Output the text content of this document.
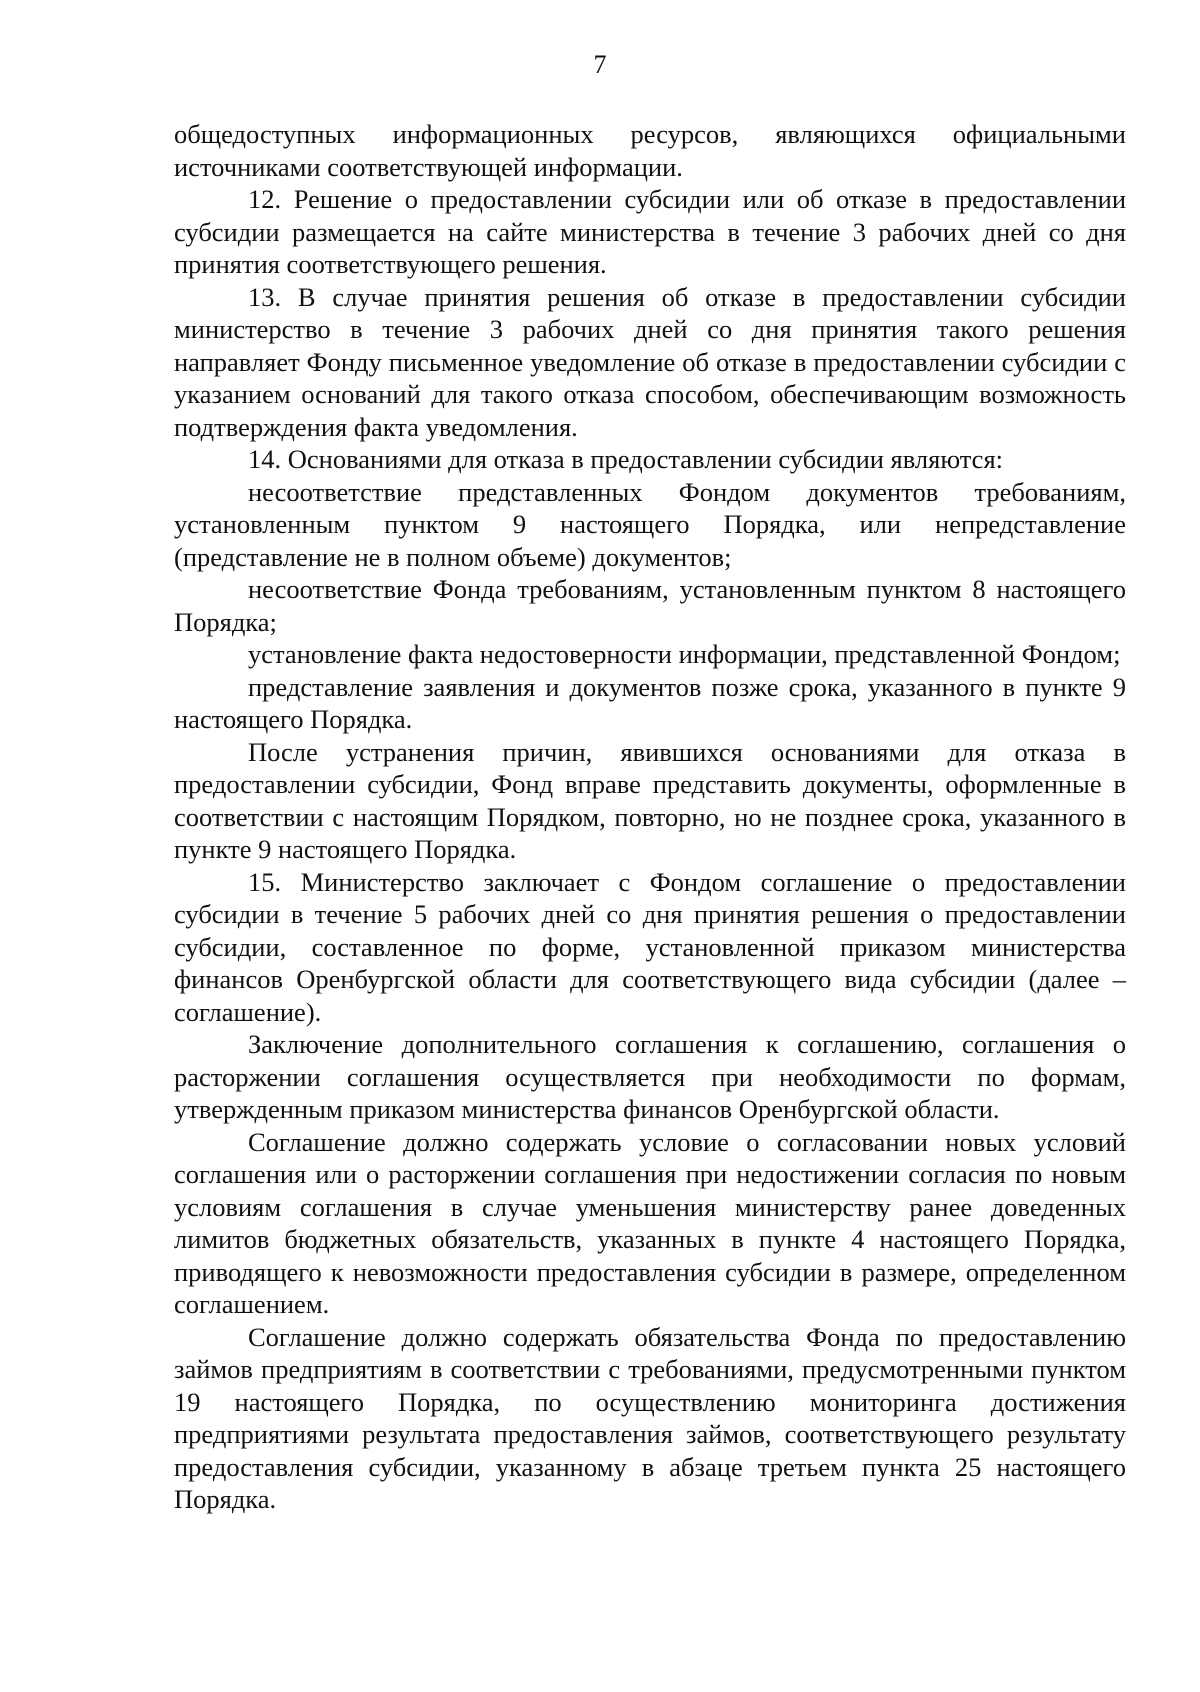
7

общедоступных информационных ресурсов, являющихся официальными источниками соответствующей информации.

12. Решение о предоставлении субсидии или об отказе в предоставлении субсидии размещается на сайте министерства в течение 3 рабочих дней со дня принятия соответствующего решения.

13. В случае принятия решения об отказе в предоставлении субсидии министерство в течение 3 рабочих дней со дня принятия такого решения направляет Фонду письменное уведомление об отказе в предоставлении субсидии с указанием оснований для такого отказа способом, обеспечивающим возможность подтверждения факта уведомления.

14. Основаниями для отказа в предоставлении субсидии являются:

несоответствие представленных Фондом документов требованиям, установленным пунктом 9 настоящего Порядка, или непредставление (представление не в полном объеме) документов;

несоответствие Фонда требованиям, установленным пунктом 8 настоящего Порядка;

установление факта недостоверности информации, представленной Фондом;

представление заявления и документов позже срока, указанного в пункте 9 настоящего Порядка.

После устранения причин, явившихся основаниями для отказа в предоставлении субсидии, Фонд вправе представить документы, оформленные в соответствии с настоящим Порядком, повторно, но не позднее срока, указанного в пункте 9 настоящего Порядка.

15. Министерство заключает с Фондом соглашение о предоставлении субсидии в течение 5 рабочих дней со дня принятия решения о предоставлении субсидии, составленное по форме, установленной приказом министерства финансов Оренбургской области для соответствующего вида субсидии (далее – соглашение).

Заключение дополнительного соглашения к соглашению, соглашения о расторжении соглашения осуществляется при необходимости по формам, утвержденным приказом министерства финансов Оренбургской области.

Соглашение должно содержать условие о согласовании новых условий соглашения или о расторжении соглашения при недостижении согласия по новым условиям соглашения в случае уменьшения министерству ранее доведенных лимитов бюджетных обязательств, указанных в пункте 4 настоящего Порядка, приводящего к невозможности предоставления субсидии в размере, определенном соглашением.

Соглашение должно содержать обязательства Фонда по предоставлению займов предприятиям в соответствии с требованиями, предусмотренными пунктом 19 настоящего Порядка, по осуществлению мониторинга достижения предприятиями результата предоставления займов, соответствующего результату предоставления субсидии, указанному в абзаце третьем пункта 25 настоящего Порядка.
